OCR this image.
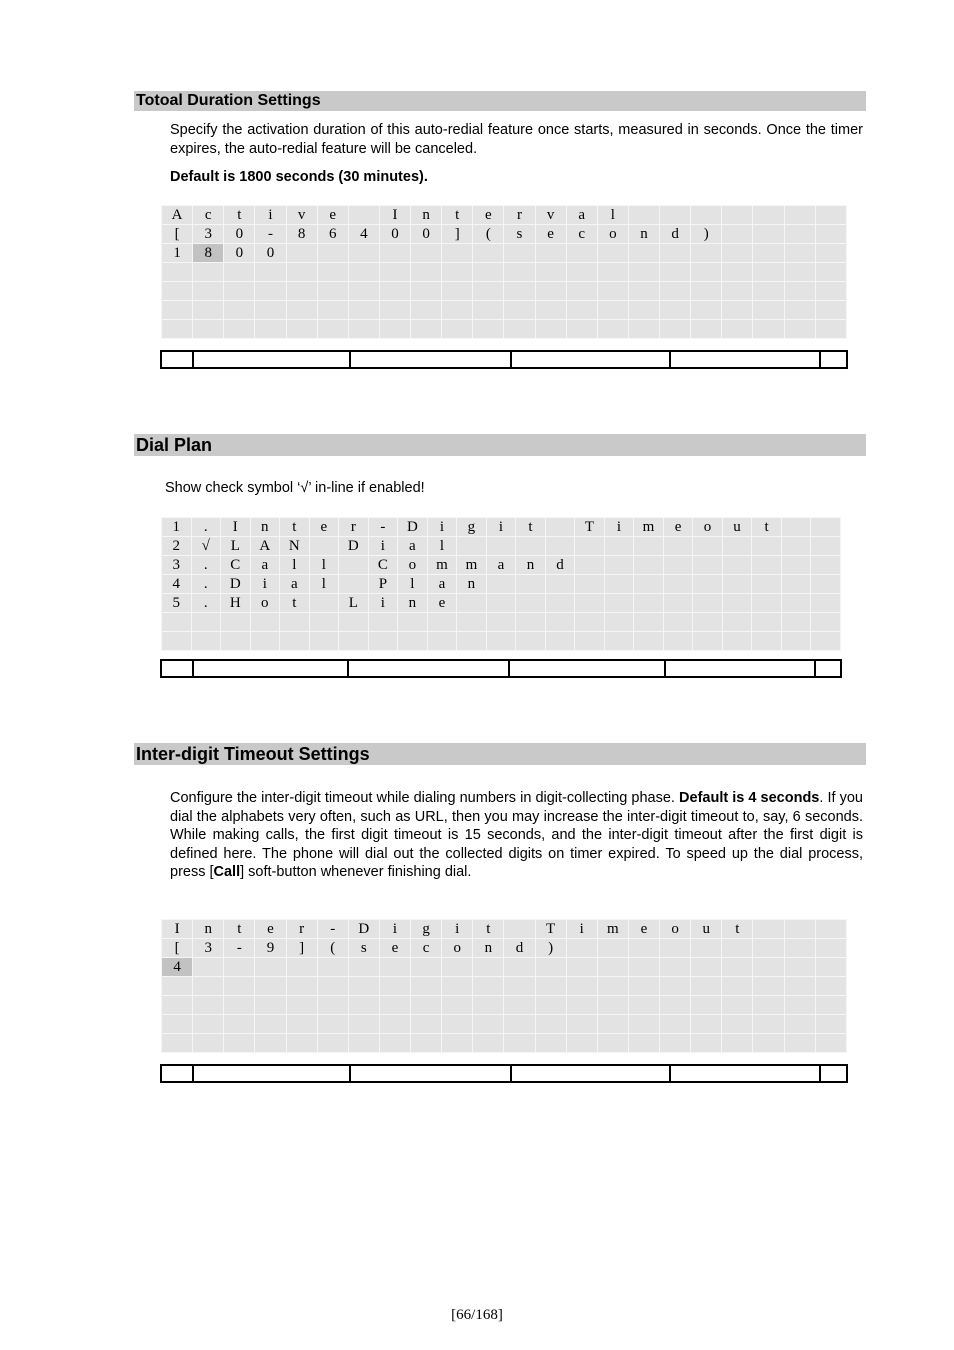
Totoal Duration Settings
Specify the activation duration of this auto-redial feature once starts, measured in seconds. Once the timer expires, the auto-redial feature will be canceled.
Default is 1800 seconds (30 minutes).
A	c	t	i	v	e		I	n	t	e	r	v	a	l							
[	3	0	-	8	6	4	0	0	]	(	s	e	c	o	n	d	)				
1	8	0	0																		

Dial Plan
Show check symbol ‘√’ in-line if enabled!
1	.	I	n	t	e	r	-	D	i	g	i	t		T	i	m	e	o	u	t		
2	√	L	A	N		D	i	a	l													
3	.	C	a	l	l		C	o	m	m	a	n	d									
4	.	D	i	a	l		P	l	a	n												
5	.	H	o	t		L	i	n	e													

Inter-digit Timeout Settings
Configure the inter-digit timeout while dialing numbers in digit-collecting phase. Default is 4 seconds. If you dial the alphabets very often, such as URL, then you may increase the inter-digit timeout to, say, 6 seconds. While making calls, the first digit timeout is 15 seconds, and the inter-digit timeout after the first digit is defined here. The phone will dial out the collected digits on timer expired. To speed up the dial process, press [Call] soft-button whenever finishing dial.
I	n	t	e	r	-	D	i	g	i	t		T	i	m	e	o	u	t			
[	3	-	9	]	(	s	e	c	o	n	d	)									
4																					

[66/168]
